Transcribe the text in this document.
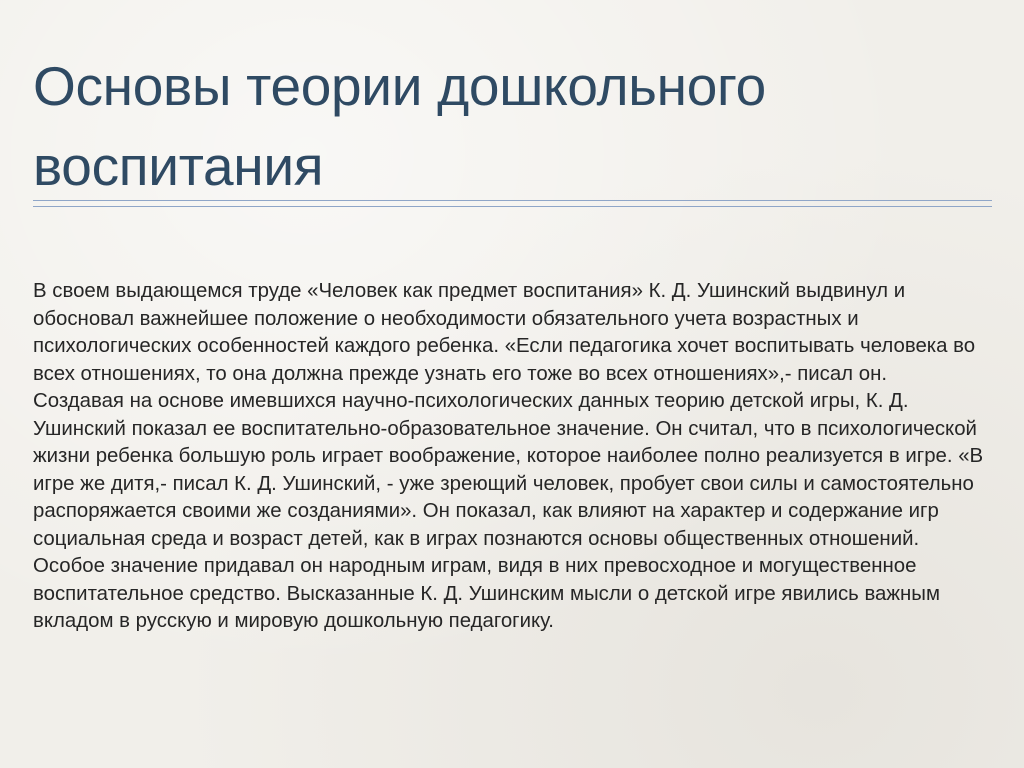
Основы теории дошкольного воспитания

В своем выдающемся труде «Человек как предмет воспитания» К. Д. Ушинский выдвинул и обосновал важнейшее положение о необходимости обязательного учета возрастных и психологических особенностей каждого ребенка. «Если педагогика хочет воспитывать человека во всех отношениях, то она должна прежде узнать его тоже во всех отношениях»,- писал он.

Создавая на основе имевшихся научно-психологических данных теорию детской игры, К. Д. Ушинский показал ее воспитательно-образовательное значение. Он считал, что в психологической жизни ребенка большую роль играет воображение, которое наиболее полно реализуется в игре. «В игре же дитя,- писал К. Д. Ушинский, - уже зреющий человек, пробует свои силы и самостоятельно распоряжается своими же созданиями». Он показал, как влияют на характер и содержание игр социальная среда и возраст детей, как в играх познаются основы общественных отношений. Особое значение придавал он народным играм, видя в них превосходное и могущественное воспитательное средство. Высказанные К. Д. Ушинским мысли о детской игре явились важным вкладом в русскую и мировую дошкольную педагогику.
